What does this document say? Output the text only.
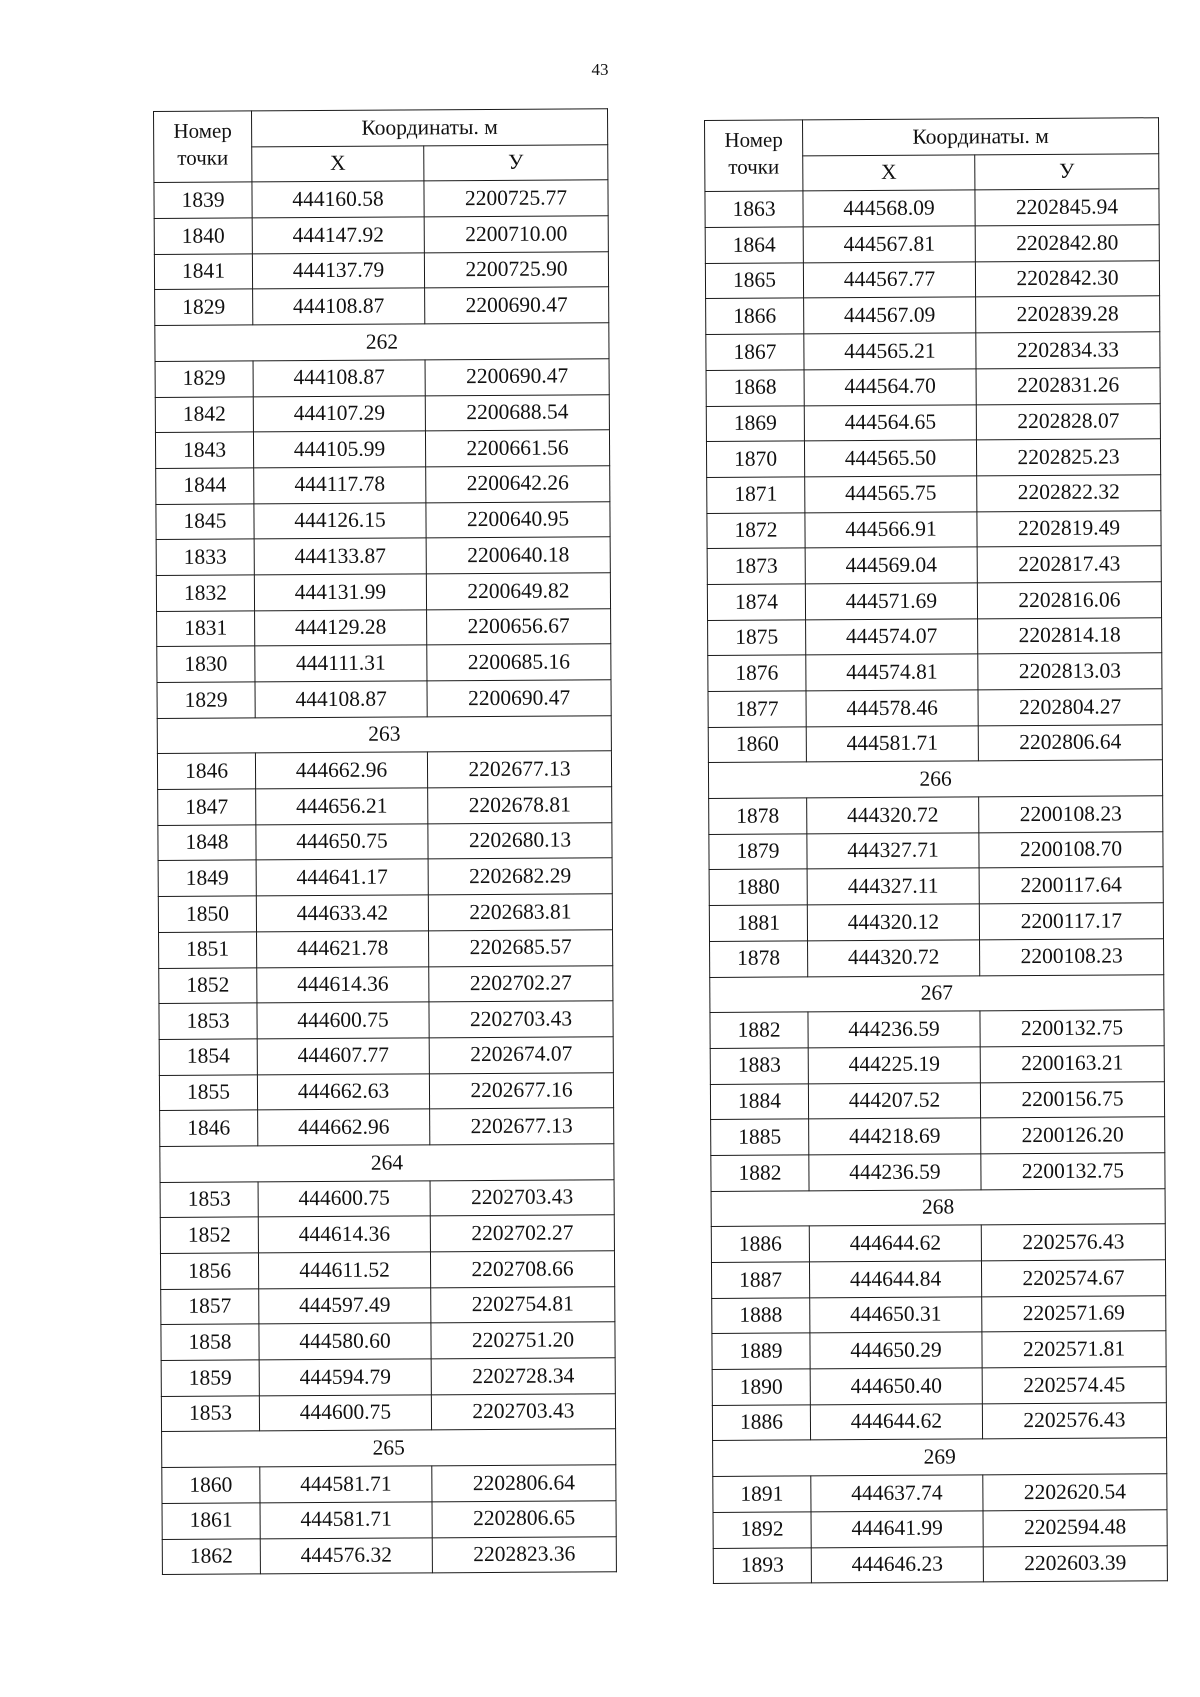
43
Номер
точки	Координаты. м	
	X	У
1839	444160.58	2200725.77
1840	444147.92	2200710.00
1841	444137.79	2200725.90
1829	444108.87	2200690.47
262		
1829	444108.87	2200690.47
1842	444107.29	2200688.54
1843	444105.99	2200661.56
1844	444117.78	2200642.26
1845	444126.15	2200640.95
1833	444133.87	2200640.18
1832	444131.99	2200649.82
1831	444129.28	2200656.67
1830	444111.31	2200685.16
1829	444108.87	2200690.47
263		
1846	444662.96	2202677.13
1847	444656.21	2202678.81
1848	444650.75	2202680.13
1849	444641.17	2202682.29
1850	444633.42	2202683.81
1851	444621.78	2202685.57
1852	444614.36	2202702.27
1853	444600.75	2202703.43
1854	444607.77	2202674.07
1855	444662.63	2202677.16
1846	444662.96	2202677.13
264		
1853	444600.75	2202703.43
1852	444614.36	2202702.27
1856	444611.52	2202708.66
1857	444597.49	2202754.81
1858	444580.60	2202751.20
1859	444594.79	2202728.34
1853	444600.75	2202703.43
265		
1860	444581.71	2202806.64
1861	444581.71	2202806.65
1862	444576.32	2202823.36
Номер
точки	Координаты. м	
	X	У
1863	444568.09	2202845.94
1864	444567.81	2202842.80
1865	444567.77	2202842.30
1866	444567.09	2202839.28
1867	444565.21	2202834.33
1868	444564.70	2202831.26
1869	444564.65	2202828.07
1870	444565.50	2202825.23
1871	444565.75	2202822.32
1872	444566.91	2202819.49
1873	444569.04	2202817.43
1874	444571.69	2202816.06
1875	444574.07	2202814.18
1876	444574.81	2202813.03
1877	444578.46	2202804.27
1860	444581.71	2202806.64
266		
1878	444320.72	2200108.23
1879	444327.71	2200108.70
1880	444327.11	2200117.64
1881	444320.12	2200117.17
1878	444320.72	2200108.23
267		
1882	444236.59	2200132.75
1883	444225.19	2200163.21
1884	444207.52	2200156.75
1885	444218.69	2200126.20
1882	444236.59	2200132.75
268		
1886	444644.62	2202576.43
1887	444644.84	2202574.67
1888	444650.31	2202571.69
1889	444650.29	2202571.81
1890	444650.40	2202574.45
1886	444644.62	2202576.43
269		
1891	444637.74	2202620.54
1892	444641.99	2202594.48
1893	444646.23	2202603.39
